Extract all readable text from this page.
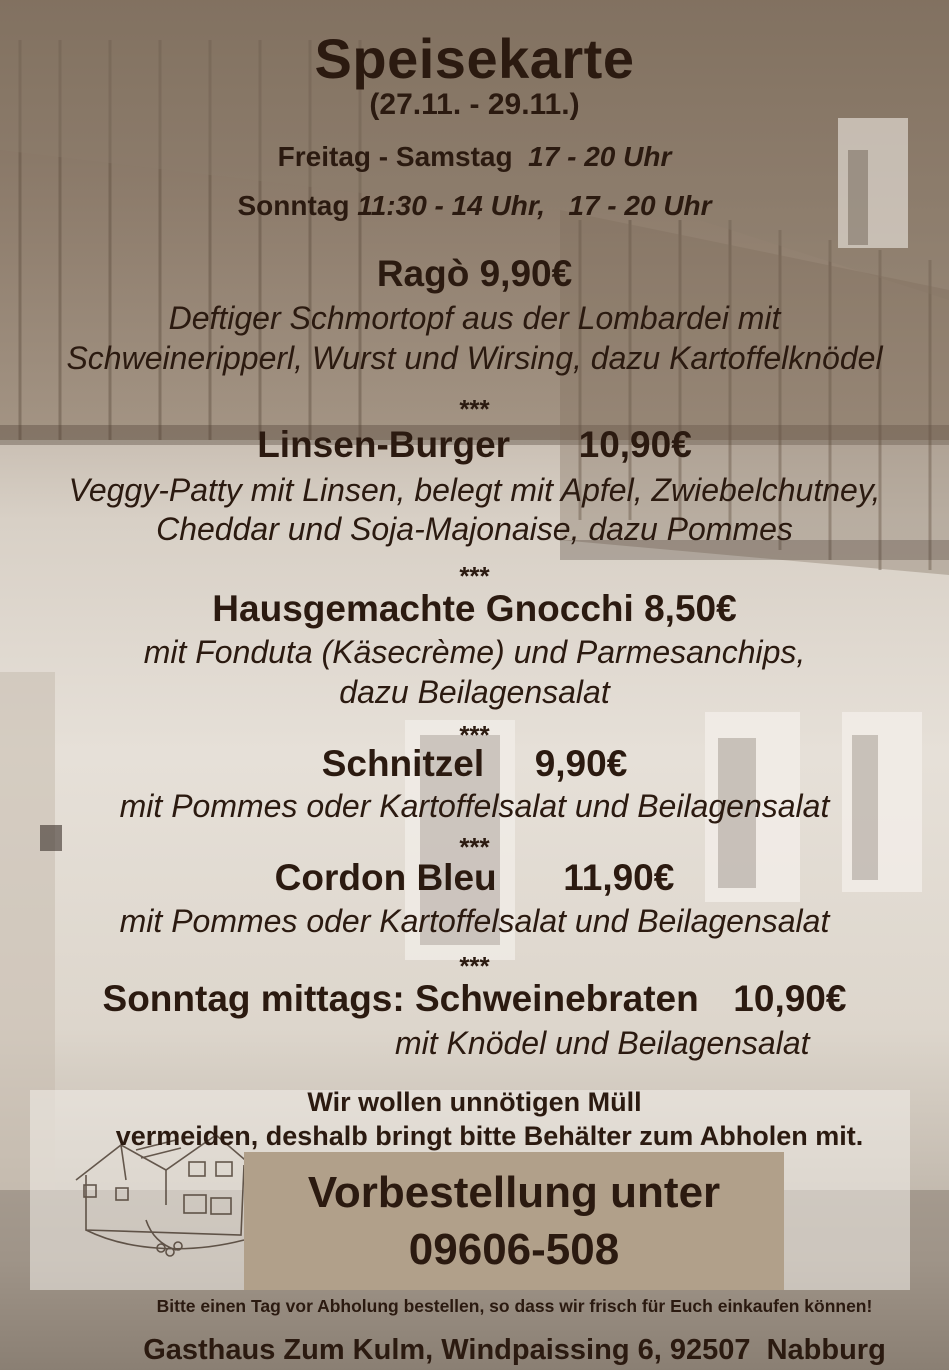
Speisekarte
(27.11. - 29.11.)
Freitag - Samstag 17 - 20 Uhr
Sonntag 11:30 - 14 Uhr,   17 - 20 Uhr
Ragò 9,90€
Deftiger Schmortopf aus der Lombardei mit
Schweineripperl, Wurst und Wirsing, dazu Kartoffelknödel
***
Linsen-Burger 10,90€
Veggy-Patty mit Linsen, belegt mit Apfel, Zwiebelchutney,
Cheddar und Soja-Majonaise, dazu Pommes
***
Hausgemachte Gnocchi 8,50€
mit Fonduta (Käsecrème) und Parmesanchips,
dazu Beilagensalat
***
Schnitzel 9,90€
mit Pommes oder Kartoffelsalat und Beilagensalat
***
Cordon Bleu 11,90€
mit Pommes oder Kartoffelsalat und Beilagensalat
***
Sonntag mittags: Schweinebraten 10,90€
mit Knödel und Beilagensalat
Wir wollen unnötigen Müll
vermeiden, deshalb bringt bitte Behälter zum Abholen mit.
Vorbestellung unter
09606-508
Bitte einen Tag vor Abholung bestellen, so dass wir frisch für Euch einkaufen können!
Gasthaus Zum Kulm, Windpaissing 6, 92507  Nabburg
